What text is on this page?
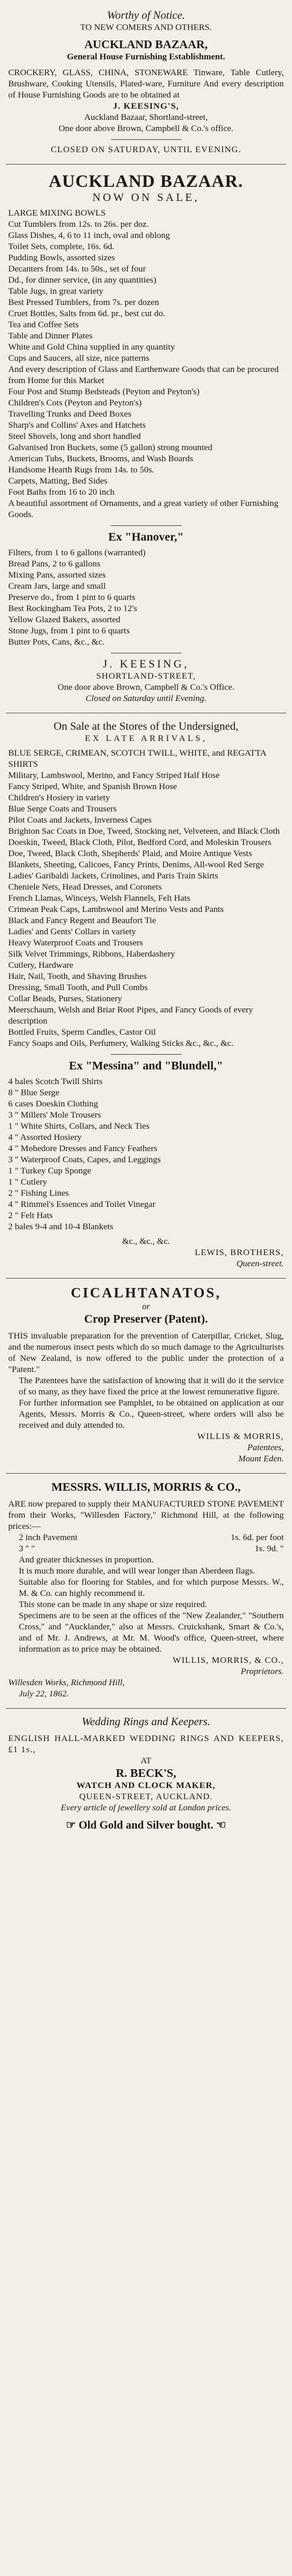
Worthy of Notice.
TO NEW COMERS AND OTHERS.
AUCKLAND BAZAAR,
General House Furnishing Establishment.
CROCKERY, GLASS, CHINA, STONEWARE Tinware, Table Cutlery, Brushware, Cooking Utensils, Plated-ware, Furniture And every description of House Furnishing Goods are to be obtained at
J. KEESING'S,
Auckland Bazaar, Shortland-street,
One door above Brown, Campbell & Co.'s office.
CLOSED ON SATURDAY, UNTIL EVENING.
AUCKLAND BAZAAR.
NOW ON SALE,
LARGE MIXING BOWLS
Cut Tumblers from 12s. to 26s. per doz.
Glass Dishes, 4, 6 to 11 inch, oval and oblong
Toilet Sets, complete, 16s. 6d.
Pudding Bowls, assorted sizes
Decanters from 14s. to 50s., set of four
Dd., for dinner service, (in any quantities)
Table Jugs, in great variety
Best Pressed Tumblers, from 7s. per dozen
Cruet Bottles, Salts from 6d. pr., best cut do.
Tea and Coffee Sets
Table and Dinner Plates
White and Gold China supplied in any quantity
Cups and Saucers, all size, nice patterns
And every description of Glass and Earthenware Goods that can be procured from Home for this Market
Four Post and Stump Bedsteads (Peyton and Peyton's)
Children's Cots (Peyton and Peyton's)
Travelling Trunks and Deed Boxes
Sharp's and Collins' Axes and Hatchets
Steel Shovels, long and short handled
Galvanised Iron Buckets, some (5 gallon) strong mounted
American Tubs, Buckets, Brooms, and Wash Boards
Handsome Hearth Rugs from 14s. to 50s.
Carpets, Matting, Bed Sides
Foot Baths from 16 to 20 inch
A beautiful assortment of Ornaments, and a great variety of other Furnishing Goods.
Ex "Hanover,"
Filters, from 1 to 6 gallons (warranted)
Bread Pans, 2 to 6 gallons
Mixing Pans, assorted sizes
Cream Jars, large and small
Preserve do., from 1 pint to 6 quarts
Best Rockingham Tea Pots, 2 to 12's
Yellow Glazed Bakers, assorted
Stone Jugs, from 1 pint to 6 quarts
Butter Pots, Cans, &c., &c.
J. KEESING,
SHORTLAND-STREET,
One door above Brown, Campbell & Co.'s Office.
Closed on Saturday until Evening.
On Sale at the Stores of the Undersigned,
EX LATE ARRIVALS,
BLUE SERGE, CRIMEAN, SCOTCH TWILL, WHITE, and REGATTA SHIRTS
Military, Lambswool, Merino, and Fancy Striped Half Hose
Fancy Striped, White, and Spanish Brown Hose
Children's Hosiery in variety
Blue Serge Coats and Trousers
Pilot Coats and Jackets, Inverness Capes
Brighton Sac Coats in Doe, Tweed, Stocking net, Velveteen, and Black Cloth
Doeskin, Tweed, Black Cloth, Pilot, Bedford Cord, and Moleskin Trousers
Doe, Tweed, Black Cloth, Shepherds' Plaid, and Moire Antique Vests
Blankets, Sheeting, Calicoes, Fancy Prints, Denims, All-wool Red Serge
Ladies' Garibaldi Jackets, Crinolines, and Paris Train Skirts
Cheniele Nets, Head Dresses, and Coronets
French Llamas, Winceys, Welsh Flannels, Felt Hats
Crimean Peak Caps, Lambswool and Merino Vests and Pants
Black and Fancy Regent and Beaufort Tie
Ladies' and Gents' Collars in variety
Heavy Waterproof Coats and Trousers
Silk Velvet Trimmings, Ribbons, Haberdashery
Cutlery, Hardware
Hair, Nail, Tooth, and Shaving Brushes
Dressing, Small Tooth, and Pull Combs
Collar Beads, Purses, Stationery
Meerschaum, Welsh and Briar Root Pipes, and Fancy Goods of every description
Bottled Fruits, Sperm Candles, Castor Oil
Fancy Soaps and Oils, Perfumery, Walking Sticks &c., &c., &c.
Ex "Messina" and "Blundell,"
4 bales Scotch Twill Shirts
8 " Blue Serge
6 cases Doeskin Clothing
3 " Millers' Mole Trousers
1 " White Shirts, Collars, and Neck Ties
4 " Assorted Hosiery
4 " Mohedore Dresses and Fancy Feathers
3 " Waterproof Coats, Capes, and Leggings
1 " Turkey Cup Sponge
1 " Cutlery
2 " Fishing Lines
4 " Rimmel's Essences and Toilet Vinegar
2 " Felt Hats
2 bales 9-4 and 10-4 Blankets
&c., &c., &c.
LEWIS, BROTHERS,
Queen-street.
CICALHTANATOS,
or
Crop Preserver (Patent).
THIS invaluable preparation for the prevention of Caterpillar, Cricket, Slug, and the numerous insect pests which do so much damage to the Agriculturists of New Zealand, is now offered to the public under the protection of a "Patent."
The Patentees have the satisfaction of knowing that it will do it the service of so many, as they have fixed the price at the lowest remunerative figure.
For further information see Pamphlet, to be obtained on application at our Agents, Messrs. Morris & Co., Queen-street, where orders will also be received and duly attended to.
WILLIS & MORRIS,
Patentees,
Mount Eden.
MESSRS. WILLIS, MORRIS & CO.,
ARE now prepared to supply their MANUFACTURED STONE PAVEMENT from their Works, "Willesden Factory," Richmond Hill, at the following prices:—
2 inch Pavement	1s. 6d. per foot
3 " "	1s. 9d. "
And greater thicknesses in proportion.
It is much more durable, and will wear longer than Aberdeen flags.
Suitable also for flooring for Stables, and for which purpose Messrs. W., M. & Co. can highly recommend it.
This stone can be made in any shape or size required.
Specimens are to be seen at the offices of the "New Zealander," "Southern Cross," and "Aucklander," also at Messrs. Cruickshank, Smart & Co.'s, and of Mr. J. Andrews, at Mr. M. Wood's office, Queen-street, where information as to price may be obtained.
WILLIS, MORRIS, & CO.,
Proprietors.
Willesden Works, Richmond Hill,
July 22, 1862.
Wedding Rings and Keepers.
ENGLISH HALL-MARKED WEDDING RINGS AND KEEPERS, £1 1s.,
AT
R. BECK'S,
WATCH AND CLOCK MAKER,
QUEEN-STREET, AUCKLAND.
Every article of jewellery sold at London prices.
☞ Old Gold and Silver bought. ☜
